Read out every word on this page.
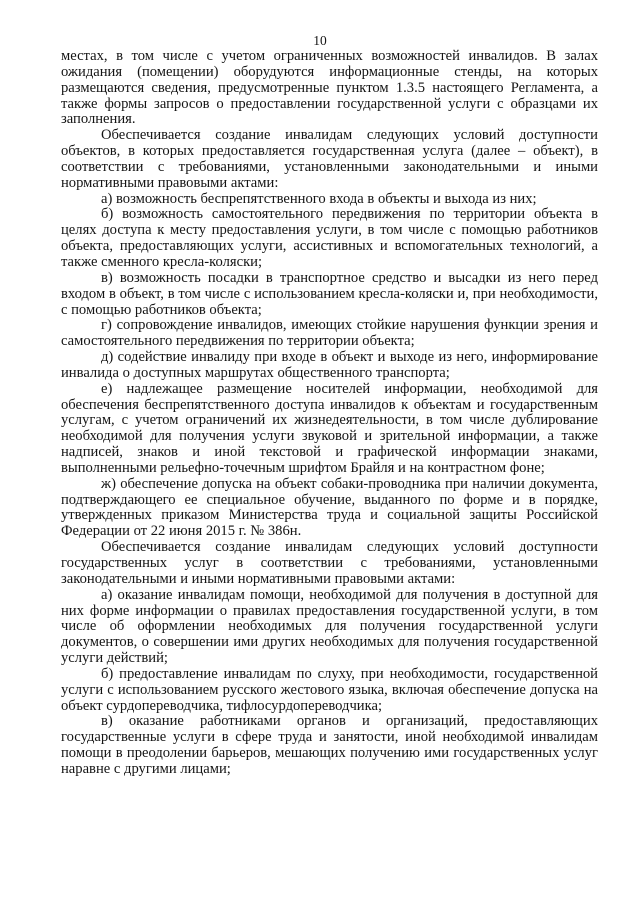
10

местах, в том числе с учетом ограниченных возможностей инвалидов. В залах ожидания (помещении) оборудуются информационные стенды, на которых размещаются сведения, предусмотренные пунктом 1.3.5 настоящего Регламента, а также формы запросов о предоставлении государственной услуги с образцами их заполнения.

Обеспечивается создание инвалидам следующих условий доступности объектов, в которых предоставляется государственная услуга (далее – объект), в соответствии с требованиями, установленными законодательными и иными нормативными правовыми актами:

а) возможность беспрепятственного входа в объекты и выхода из них;

б) возможность самостоятельного передвижения по территории объекта в целях доступа к месту предоставления услуги, в том числе с помощью работников объекта, предоставляющих услуги, ассистивных и вспомогательных технологий, а также сменного кресла-коляски;

в) возможность посадки в транспортное средство и высадки из него перед входом в объект, в том числе с использованием кресла-коляски и, при необходимости, с помощью работников объекта;

г) сопровождение инвалидов, имеющих стойкие нарушения функции зрения и самостоятельного передвижения по территории объекта;

д) содействие инвалиду при входе в объект и выходе из него, информирование инвалида о доступных маршрутах общественного транспорта;

е) надлежащее размещение носителей информации, необходимой для обеспечения беспрепятственного доступа инвалидов к объектам и государственным услугам, с учетом ограничений их жизнедеятельности, в том числе дублирование необходимой для получения услуги звуковой и зрительной информации, а также надписей, знаков и иной текстовой и графической информации знаками, выполненными рельефно-точечным шрифтом Брайля и на контрастном фоне;

ж) обеспечение допуска на объект собаки-проводника при наличии документа, подтверждающего ее специальное обучение, выданного по форме и в порядке, утвержденных приказом Министерства труда и социальной защиты Российской Федерации от 22 июня 2015 г. № 386н.

Обеспечивается создание инвалидам следующих условий доступности государственных услуг в соответствии с требованиями, установленными законодательными и иными нормативными правовыми актами:

а) оказание инвалидам помощи, необходимой для получения в доступной для них форме информации о правилах предоставления государственной услуги, в том числе об оформлении необходимых для получения государственной услуги документов, о совершении ими других необходимых для получения государственной услуги действий;

б) предоставление инвалидам по слуху, при необходимости, государственной услуги с использованием русского жестового языка, включая обеспечение допуска на объект сурдопереводчика, тифлосурдопереводчика;

в) оказание работниками органов и организаций, предоставляющих государственные услуги в сфере труда и занятости, иной необходимой инвалидам помощи в преодолении барьеров, мешающих получению ими государственных услуг наравне с другими лицами;
